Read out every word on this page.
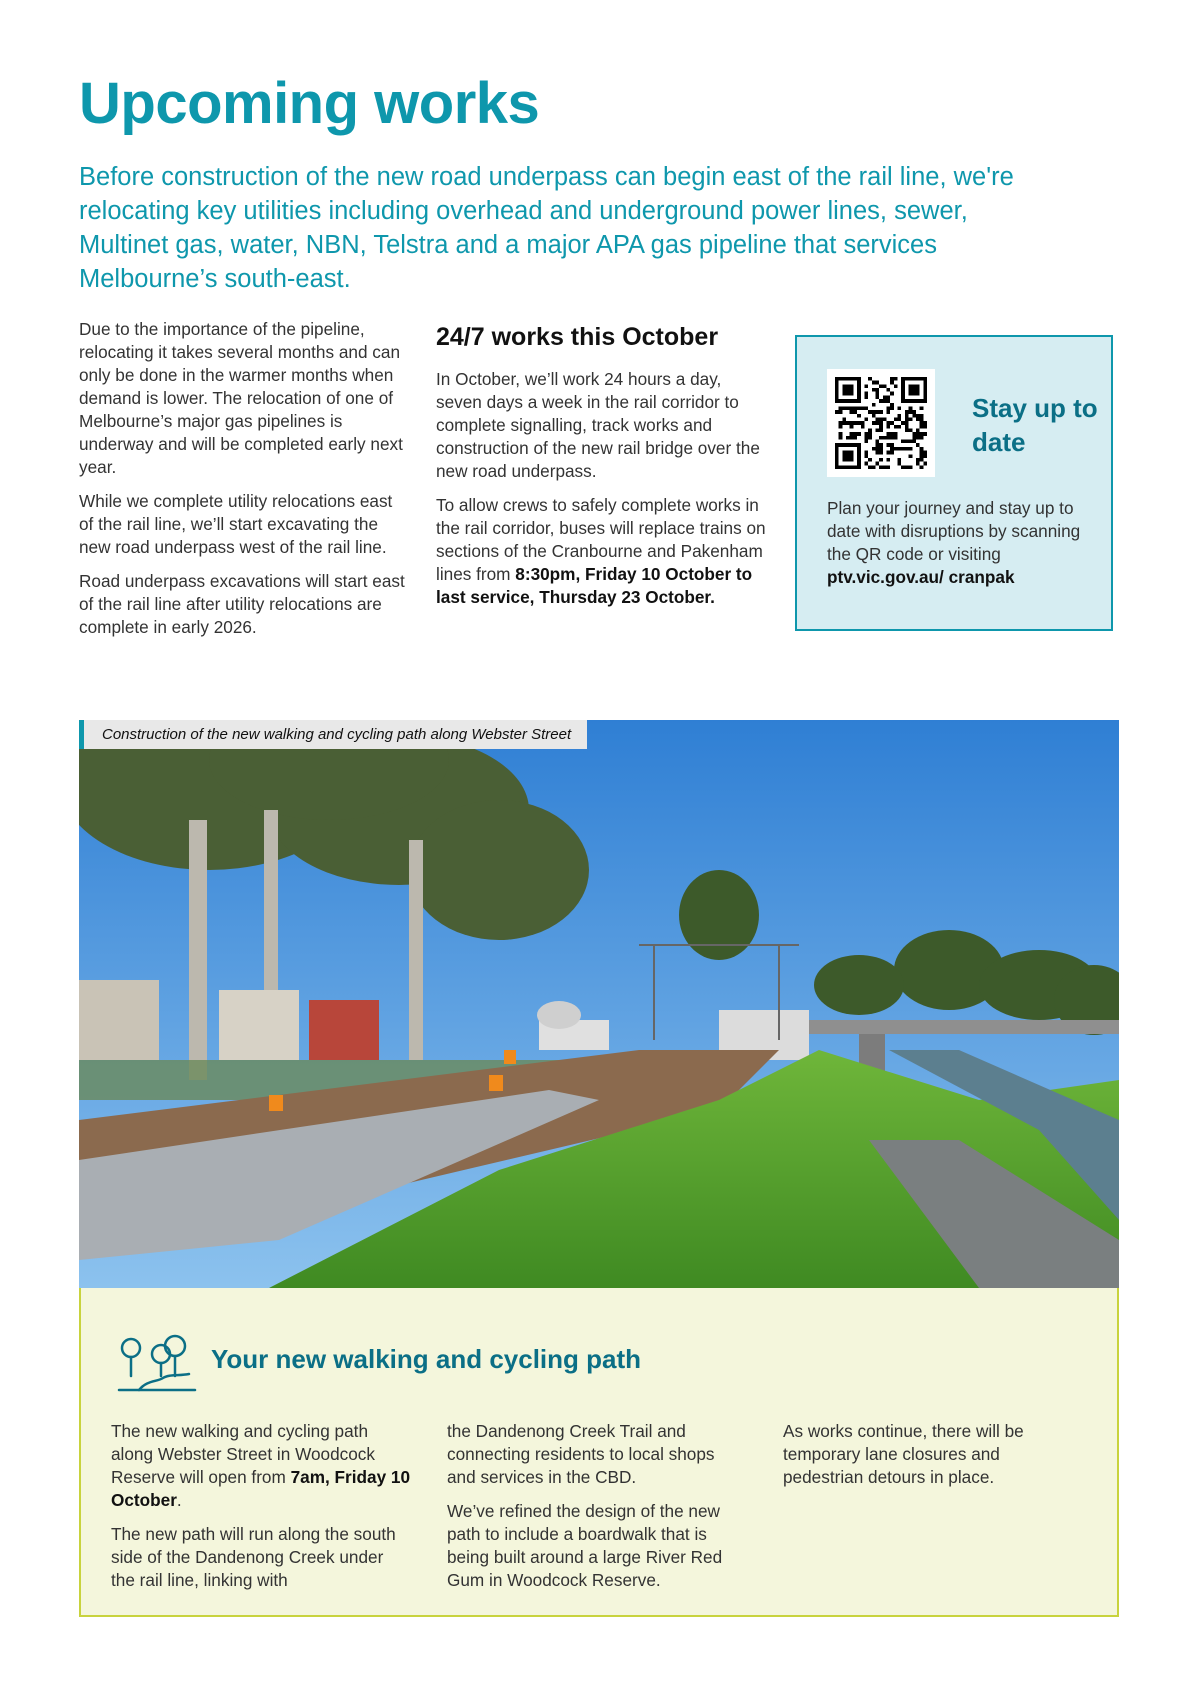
Upcoming works

Before construction of the new road underpass can begin east of the rail line, we're relocating key utilities including overhead and underground power lines, sewer, Multinet gas, water, NBN, Telstra and a major APA gas pipeline that services Melbourne’s south-east.

Due to the importance of the pipeline, relocating it takes several months and can only be done in the warmer months when demand is lower. The relocation of one of Melbourne’s major gas pipelines is underway and will be completed early next year.

While we complete utility relocations east of the rail line, we’ll start excavating the new road underpass west of the rail line.

Road underpass excavations will start east of the rail line after utility relocations are complete in early 2026.

24/7 works this October

In October, we’ll work 24 hours a day, seven days a week in the rail corridor to complete signalling, track works and construction of the new rail bridge over the new road underpass.

To allow crews to safely complete works in the rail corridor, buses will replace trains on sections of the Cranbourne and Pakenham lines from 8:30pm, Friday 10 October to last service, Thursday 23 October.

Stay up to date
Plan your journey and stay up to date with disruptions by scanning the QR code or visiting ptv.vic.gov.au/ cranpak
Construction of the new walking and cycling path along Webster Street
Your new walking and cycling path

The new walking and cycling path along Webster Street in Woodcock Reserve will open from 7am, Friday 10 October.

The new path will run along the south side of the Dandenong Creek under the rail line, linking with

the Dandenong Creek Trail and connecting residents to local shops and services in the CBD.

We’ve refined the design of the new path to include a boardwalk that is being built around a large River Red Gum in Woodcock Reserve.

As works continue, there will be temporary lane closures and pedestrian detours in place.
